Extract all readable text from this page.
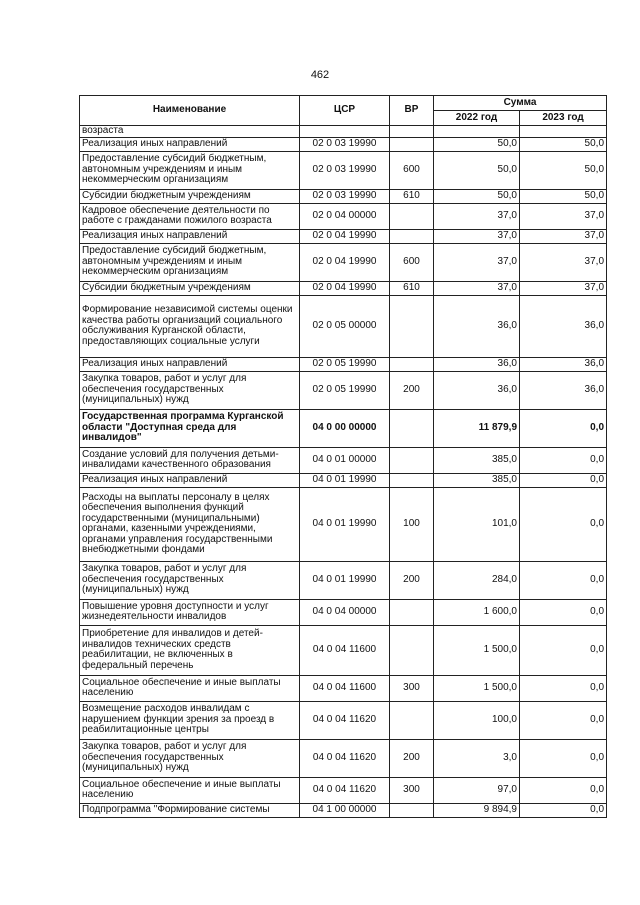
462
Наименование	ЦСР	ВР	Сумма	
			2022 год	2023 год
возраста				
Реализация иных направлений	02 0 03 19990		50,0	50,0
Предоставление субсидий бюджетным, автономным учреждениям и иным некоммерческим организациям	02 0 03 19990	600	50,0	50,0
Субсидии бюджетным учреждениям	02 0 03 19990	610	50,0	50,0
Кадровое обеспечение деятельности по работе с гражданами пожилого возраста	02 0 04 00000		37,0	37,0
Реализация иных направлений	02 0 04 19990		37,0	37,0
Предоставление субсидий бюджетным, автономным учреждениям и иным некоммерческим организациям	02 0 04 19990	600	37,0	37,0
Субсидии бюджетным учреждениям	02 0 04 19990	610	37,0	37,0
Формирование независимой системы оценки качества работы организаций социального обслуживания Курганской области, предоставляющих социальные услуги	02 0 05 00000		36,0	36,0
Реализация иных направлений	02 0 05 19990		36,0	36,0
Закупка товаров, работ и услуг для обеспечения государственных (муниципальных) нужд	02 0 05 19990	200	36,0	36,0
Государственная программа Курганской области "Доступная среда для инвалидов"	04 0 00 00000		11 879,9	0,0
Создание условий для получения детьми-инвалидами качественного образования	04 0 01 00000		385,0	0,0
Реализация иных направлений	04 0 01 19990		385,0	0,0
Расходы на выплаты персоналу в целях обеспечения выполнения функций государственными (муниципальными) органами, казенными учреждениями, органами управления государственными внебюджетными фондами	04 0 01 19990	100	101,0	0,0
Закупка товаров, работ и услуг для обеспечения государственных (муниципальных) нужд	04 0 01 19990	200	284,0	0,0
Повышение уровня доступности и услуг жизнедеятельности инвалидов	04 0 04 00000		1 600,0	0,0
Приобретение для инвалидов и детей-инвалидов технических средств реабилитации, не включенных в федеральный перечень	04 0 04 11600		1 500,0	0,0
Социальное обеспечение и иные выплаты населению	04 0 04 11600	300	1 500,0	0,0
Возмещение расходов инвалидам с нарушением функции зрения за проезд в реабилитационные центры	04 0 04 11620		100,0	0,0
Закупка товаров, работ и услуг для обеспечения государственных (муниципальных) нужд	04 0 04 11620	200	3,0	0,0
Социальное обеспечение и иные выплаты населению	04 0 04 11620	300	97,0	0,0
Подпрограмма "Формирование системы	04 1 00 00000		9 894,9	0,0
